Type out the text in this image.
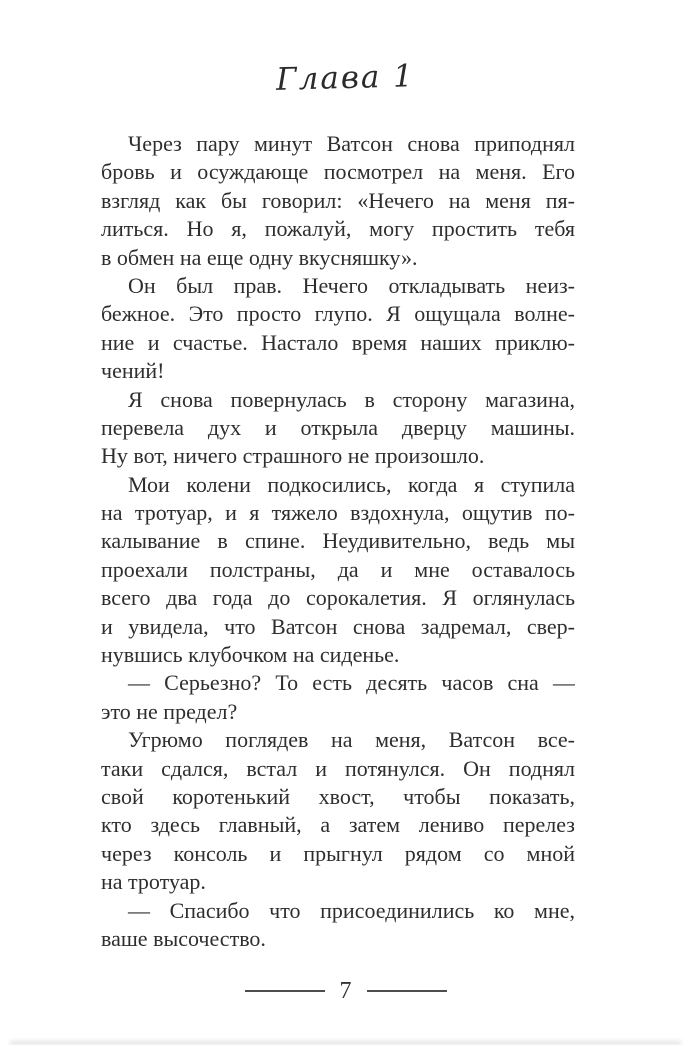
Глава 1
Через пару минут Ватсон снова приподнял
бровь и осуждающе посмотрел на меня. Его
взгляд как бы говорил: «Нечего на меня пя-
литься. Но я, пожалуй, могу простить тебя
в обмен на еще одну вкусняшку».
Он был прав. Нечего откладывать неиз-
бежное. Это просто глупо. Я ощущала волне-
ние и счастье. Настало время наших приклю-
чений!
Я снова повернулась в сторону магазина,
перевела дух и открыла дверцу машины.
Ну вот, ничего страшного не произошло.
Мои колени подкосились, когда я ступила
на тротуар, и я тяжело вздохнула, ощутив по-
калывание в спине. Неудивительно, ведь мы
проехали полстраны, да и мне оставалось
всего два года до сорокалетия. Я оглянулась
и увидела, что Ватсон снова задремал, свер-
нувшись клубочком на сиденье.
— Серьезно? То есть десять часов сна —
это не предел?
Угрюмо поглядев на меня, Ватсон все-
таки сдался, встал и потянулся. Он поднял
свой коротенький хвост, чтобы показать,
кто здесь главный, а затем лениво перелез
через консоль и прыгнул рядом со мной
на тротуар.
— Спасибо что присоединились ко мне,
ваше высочество.
7
